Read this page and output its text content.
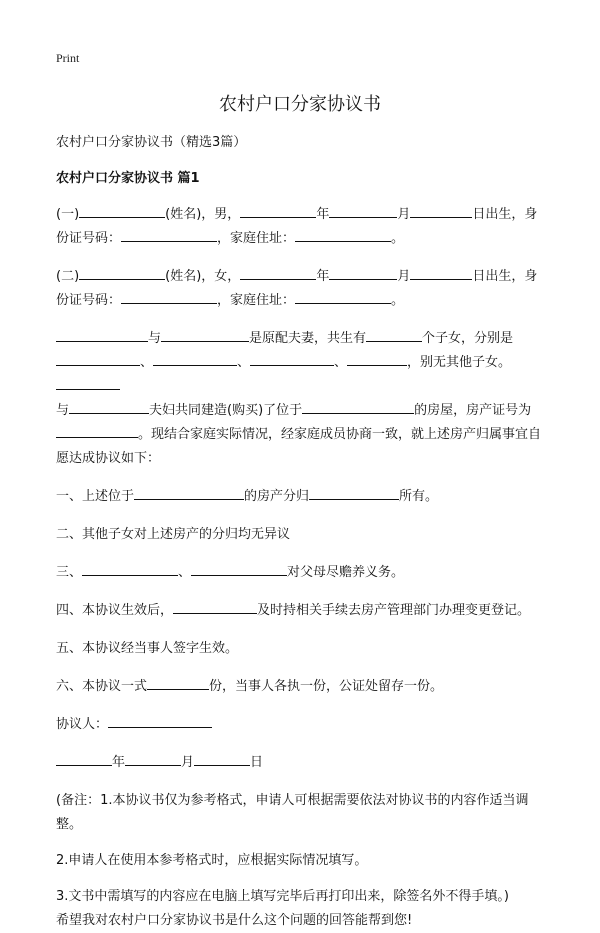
Print
农村户口分家协议书
农村户口分家协议书（精选3篇）
农村户口分家协议书 篇1
(一)	(姓名)，男，	年	月	日出生，身
份证号码：	，家庭住址：	。
(二)	(姓名)，女，	年	月	日出生，身
份证号码：	，家庭住址：	。
与	是原配夫妻，共生有	个子女，分别是
、	、	、	，别无其他子女。
与	夫妇共同建造(购买)了位于	的房屋，房产证号为。现结合家庭实际情况，经家庭成员协商一致，就上述房产归属事宜自愿达成协议如下：
一、上述位于	的房产分归	所有。
二、其他子女对上述房产的分归均无异议
三、	、	对父母尽赡养义务。
四、本协议生效后，	及时持相关手续去房产管理部门办理变更登记。
五、本协议经当事人签字生效。
六、本协议一式	份，当事人各执一份，公证处留存一份。
协议人：
年	月	日
(备注：1.本协议书仅为参考格式，申请人可根据需要依法对协议书的内容作适当调整。
2.申请人在使用本参考格式时，应根据实际情况填写。
3.文书中需填写的内容应在电脑上填写完毕后再打印出来，除签名外不得手填。)
希望我对农村户口分家协议书是什么这个问题的回答能帮到您!
